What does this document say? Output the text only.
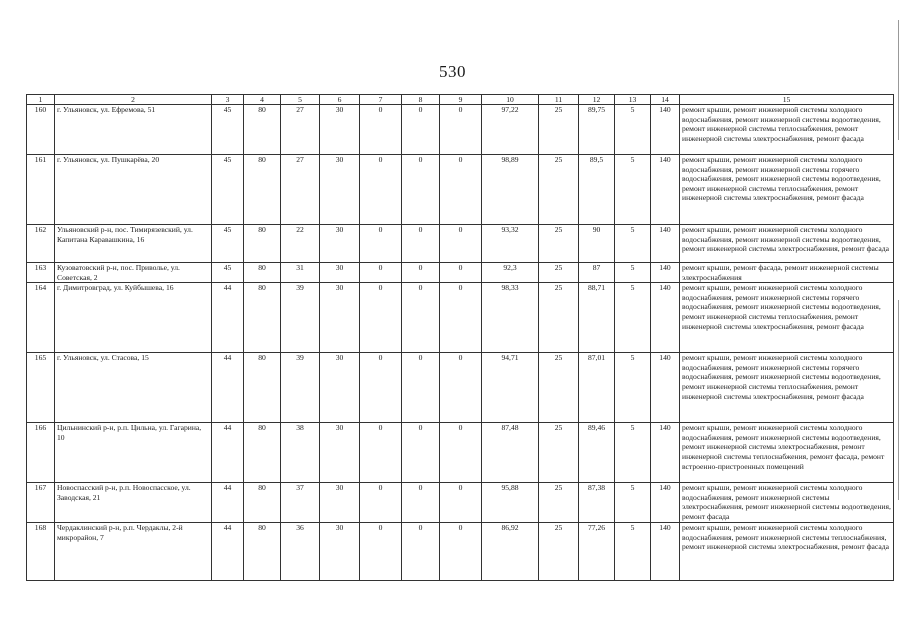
530
1	2	3	4	5	6	7	8	9	10	11	12	13	14	15
160	г. Ульяновск, ул. Ефремова, 51	45	80	27	30	0	0	0	97,22	25	89,75	5	140	ремонт крыши, ремонт инженерной системы холодного водоснабжения, ремонт инженерной системы водоотведения, ремонт инженерной системы теплоснабжения, ремонт инженерной системы электроснабжения, ремонт фасада
161	г. Ульяновск, ул. Пушкарёва, 20	45	80	27	30	0	0	0	98,89	25	89,5	5	140	ремонт крыши, ремонт инженерной системы холодного водоснабжения, ремонт инженерной системы горячего водоснабжения, ремонт инженерной системы водоотведения, ремонт инженерной системы теплоснабжения, ремонт инженерной системы электроснабжения, ремонт фасада
162	Ульяновский р-н, пос. Тимирязевский, ул. Капитана Каравашкина, 16	45	80	22	30	0	0	0	93,32	25	90	5	140	ремонт крыши, ремонт инженерной системы холодного водоснабжения, ремонт инженерной системы водоотведения, ремонт инженерной системы электроснабжения, ремонт фасада
163	Кузоватовский р-н, пос. Приволье, ул. Советская, 2	45	80	31	30	0	0	0	92,3	25	87	5	140	ремонт крыши, ремонт фасада, ремонт инженерной системы электроснабжения
164	г. Димитровград, ул. Куйбышева, 16	44	80	39	30	0	0	0	98,33	25	88,71	5	140	ремонт крыши, ремонт инженерной системы холодного водоснабжения, ремонт инженерной системы горячего водоснабжения, ремонт инженерной системы водоотведения, ремонт инженерной системы теплоснабжения, ремонт инженерной системы электроснабжения, ремонт фасада
165	г. Ульяновск, ул. Стасова, 15	44	80	39	30	0	0	0	94,71	25	87,01	5	140	ремонт крыши, ремонт инженерной системы холодного водоснабжения, ремонт инженерной системы горячего водоснабжения, ремонт инженерной системы водоотведения, ремонт инженерной системы теплоснабжения, ремонт инженерной системы электроснабжения, ремонт фасада
166	Цильнинский р-н, р.п. Цильна, ул. Гагарина, 10	44	80	38	30	0	0	0	87,48	25	89,46	5	140	ремонт крыши, ремонт инженерной системы холодного водоснабжения, ремонт инженерной системы водоотведения, ремонт инженерной системы электроснабжения, ремонт инженерной системы теплоснабжения, ремонт фасада, ремонт встроенно-пристроенных помещений
167	Новоспасский р-н, р.п. Новоспасское, ул. Заводская, 21	44	80	37	30	0	0	0	95,88	25	87,38	5	140	ремонт крыши, ремонт инженерной системы холодного водоснабжения, ремонт инженерной системы электроснабжения, ремонт инженерной системы водоотведения, ремонт фасада
168	Чердаклинский р-н, р.п. Чердаклы, 2-й микрорайон, 7	44	80	36	30	0	0	0	86,92	25	77,26	5	140	ремонт крыши, ремонт инженерной системы холодного водоснабжения, ремонт инженерной системы теплоснабжения, ремонт инженерной системы электроснабжения, ремонт фасада
